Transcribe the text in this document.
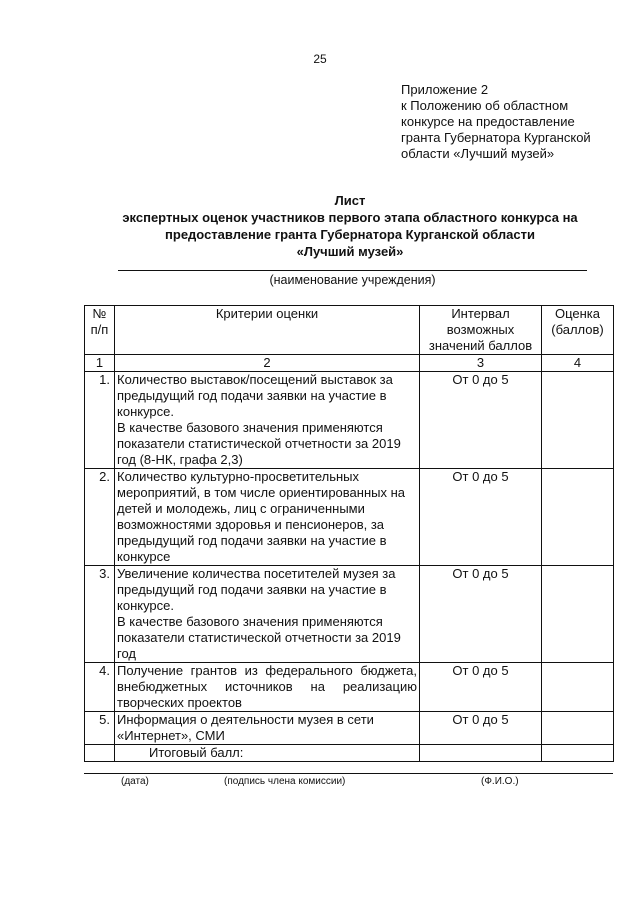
25
Приложение 2
к Положению об областном
конкурсе на предоставление
гранта Губернатора Курганской
области «Лучший музей»
Лист
экспертных оценок участников первого этапа областного конкурса на
предоставление гранта Губернатора Курганской области
«Лучший музей»
(наименование учреждения)
№ п/п	Критерии оценки	Интервал возможных значений баллов	Оценка (баллов)
1	2	3	4
1.	Количество выставок/посещений выставок за предыдущий год подачи заявки на участие в конкурсе.
В качестве базового значения применяются показатели статистической отчетности за 2019 год (8-НК, графа 2,3)	От 0 до 5	
2.	Количество культурно-просветительных мероприятий, в том числе ориентированных на детей и молодежь, лиц с ограниченными возможностями здоровья и пенсионеров, за предыдущий год подачи заявки на участие в конкурсе	От 0 до 5	
3.	Увеличение количества посетителей музея за предыдущий год подачи заявки на участие в конкурсе.
В качестве базового значения применяются показатели статистической отчетности за 2019 год	От 0 до 5	
4.	Получение грантов из федерального бюджета, внебюджетных источников на реализацию творческих проектов	От 0 до 5	
5.	Информация о деятельности музея в сети «Интернет», СМИ	От 0 до 5	
	Итоговый балл:		
(дата)	(подпись члена комиссии)	(Ф.И.О.)
